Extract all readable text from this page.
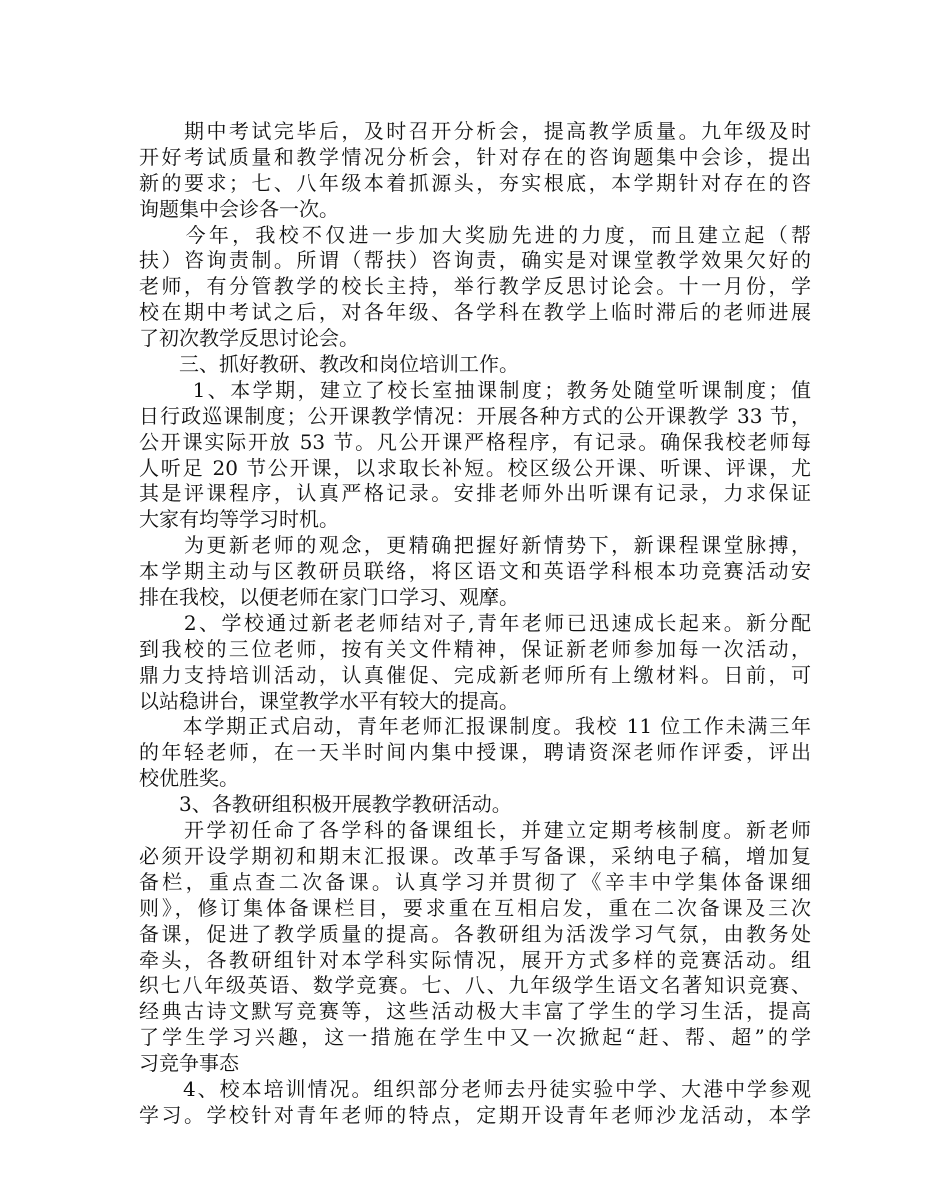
　　期中考试完毕后，及时召开分析会，提高教学质量。九年级及时
开好考试质量和教学情况分析会，针对存在的咨询题集中会诊，提出
新的要求；七、八年级本着抓源头，夯实根底，本学期针对存在的咨
询题集中会诊各一次。
　　今年，我校不仅进一步加大奖励先进的力度，而且建立起（帮
扶）咨询责制。所谓（帮扶）咨询责，确实是对课堂教学效果欠好的
老师，有分管教学的校长主持，举行教学反思讨论会。十一月份，学
校在期中考试之后，对各年级、各学科在教学上临时滞后的老师进展
了初次教学反思讨论会。
　　三、抓好教研、教改和岗位培训工作。
　　 1、本学期，建立了校长室抽课制度；教务处随堂听课制度；值
日行政巡课制度；公开课教学情况：开展各种方式的公开课教学 33 节，
公开课实际开放 53 节。凡公开课严格程序，有记录。确保我校老师每
人听足 20 节公开课，以求取长补短。校区级公开课、听课、评课，尤
其是评课程序，认真严格记录。安排老师外出听课有记录，力求保证
大家有均等学习时机。
　　为更新老师的观念，更精确把握好新情势下，新课程课堂脉搏，
本学期主动与区教研员联络，将区语文和英语学科根本功竞赛活动安
排在我校，以便老师在家门口学习、观摩。
　　2、学校通过新老老师结对子,青年老师已迅速成长起来。新分配
到我校的三位老师，按有关文件精神，保证新老师参加每一次活动，
鼎力支持培训活动，认真催促、完成新老师所有上缴材料。日前，可
以站稳讲台，课堂教学水平有较大的提高。
　　本学期正式启动，青年老师汇报课制度。我校 11 位工作未满三年
的年轻老师，在一天半时间内集中授课，聘请资深老师作评委，评出
校优胜奖。
　　3、各教研组积极开展教学教研活动。
　　开学初任命了各学科的备课组长，并建立定期考核制度。新老师
必须开设学期初和期末汇报课。改革手写备课，采纳电子稿，增加复
备栏，重点查二次备课。认真学习并贯彻了《辛丰中学集体备课细
则》，修订集体备课栏目，要求重在互相启发，重在二次备课及三次
备课，促进了教学质量的提高。各教研组为活泼学习气氛，由教务处
牵头，各教研组针对本学科实际情况，展开方式多样的竞赛活动。组
织七八年级英语、数学竞赛。七、八、九年级学生语文名著知识竞赛、
经典古诗文默写竞赛等，这些活动极大丰富了学生的学习生活，提高
了学生学习兴趣，这一措施在学生中又一次掀起“赶、帮、超”的学
习竞争事态
　　4、校本培训情况。组织部分老师去丹徒实验中学、大港中学参观
学习。学校针对青年老师的特点，定期开设青年老师沙龙活动，本学
